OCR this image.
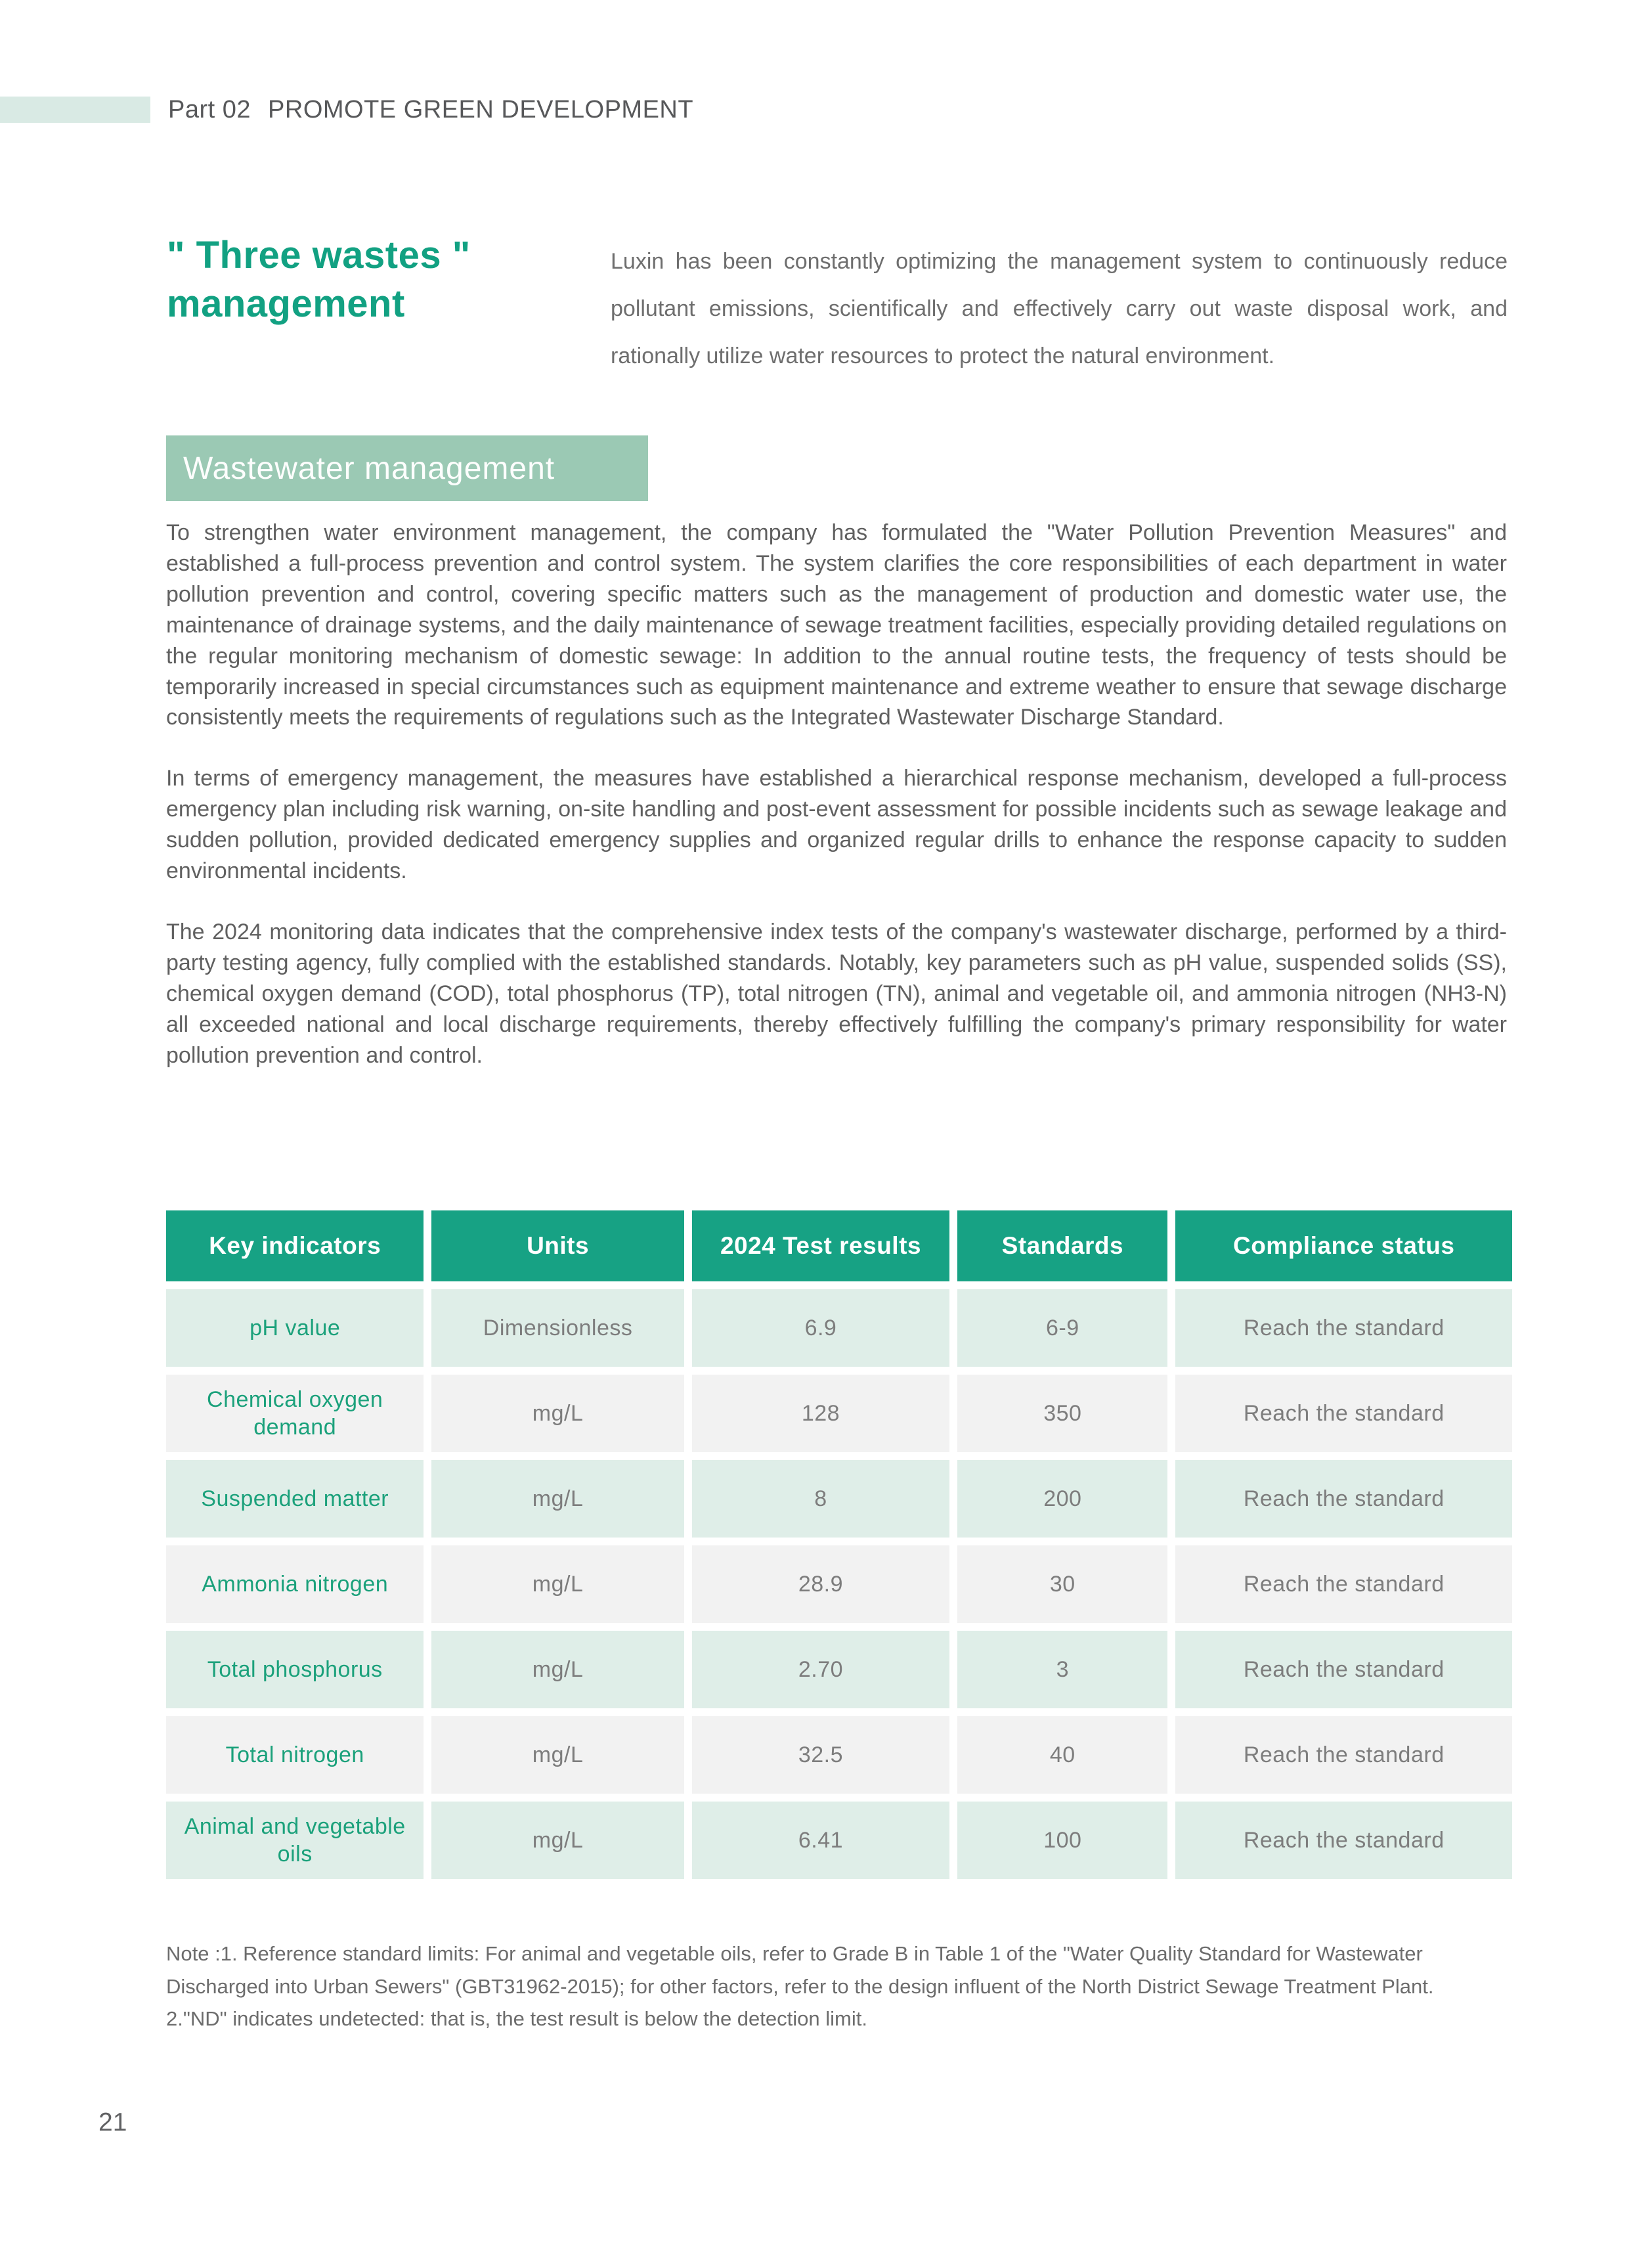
Part 02 PROMOTE GREEN DEVELOPMENT
" Three wastes "
management
Luxin has been constantly optimizing the management system to continuously reduce pollutant emissions, scientifically and effectively carry out waste disposal work, and rationally utilize water resources to protect the natural environment.
Wastewater management

To strengthen water environment management, the company has formulated the "Water Pollution Prevention Measures" and established a full-process prevention and control system. The system clarifies the core responsibilities of each department in water pollution prevention and control, covering specific matters such as the management of production and domestic water use, the maintenance of drainage systems, and the daily maintenance of sewage treatment facilities, especially providing detailed regulations on the regular monitoring mechanism of domestic sewage: In addition to the annual routine tests, the frequency of tests should be temporarily increased in special circumstances such as equipment maintenance and extreme weather to ensure that sewage discharge consistently meets the requirements of regulations such as the Integrated Wastewater Discharge Standard.

In terms of emergency management, the measures have established a hierarchical response mechanism, developed a full-process emergency plan including risk warning, on-site handling and post-event assessment for possible incidents such as sewage leakage and sudden pollution, provided dedicated emergency supplies and organized regular drills to enhance the response capacity to sudden environmental incidents.

The 2024 monitoring data indicates that the comprehensive index tests of the company's wastewater discharge, performed by a third-party testing agency, fully complied with the established standards. Notably, key parameters such as pH value, suspended solids (SS), chemical oxygen demand (COD), total phosphorus (TP), total nitrogen (TN), animal and vegetable oil, and ammonia nitrogen (NH3-N) all exceeded national and local discharge requirements, thereby effectively fulfilling the company's primary responsibility for water pollution prevention and control.

Key indicators	Units	2024 Test results	Standards	Compliance status
pH value	Dimensionless	6.9	6-9	Reach the standard
Chemical oxygen demand	mg/L	128	350	Reach the standard
Suspended matter	mg/L	8	200	Reach the standard
Ammonia nitrogen	mg/L	28.9	30	Reach the standard
Total phosphorus	mg/L	2.70	3	Reach the standard
Total nitrogen	mg/L	32.5	40	Reach the standard
Animal and vegetable oils	mg/L	6.41	100	Reach the standard

Note :1. Reference standard limits: For animal and vegetable oils, refer to Grade B in Table 1 of the "Water Quality Standard for Wastewater Discharged into Urban Sewers" (GBT31962-2015); for other factors, refer to the design influent of the North District Sewage Treatment Plant.

2."ND" indicates undetected: that is, the test result is below the detection limit.

21
